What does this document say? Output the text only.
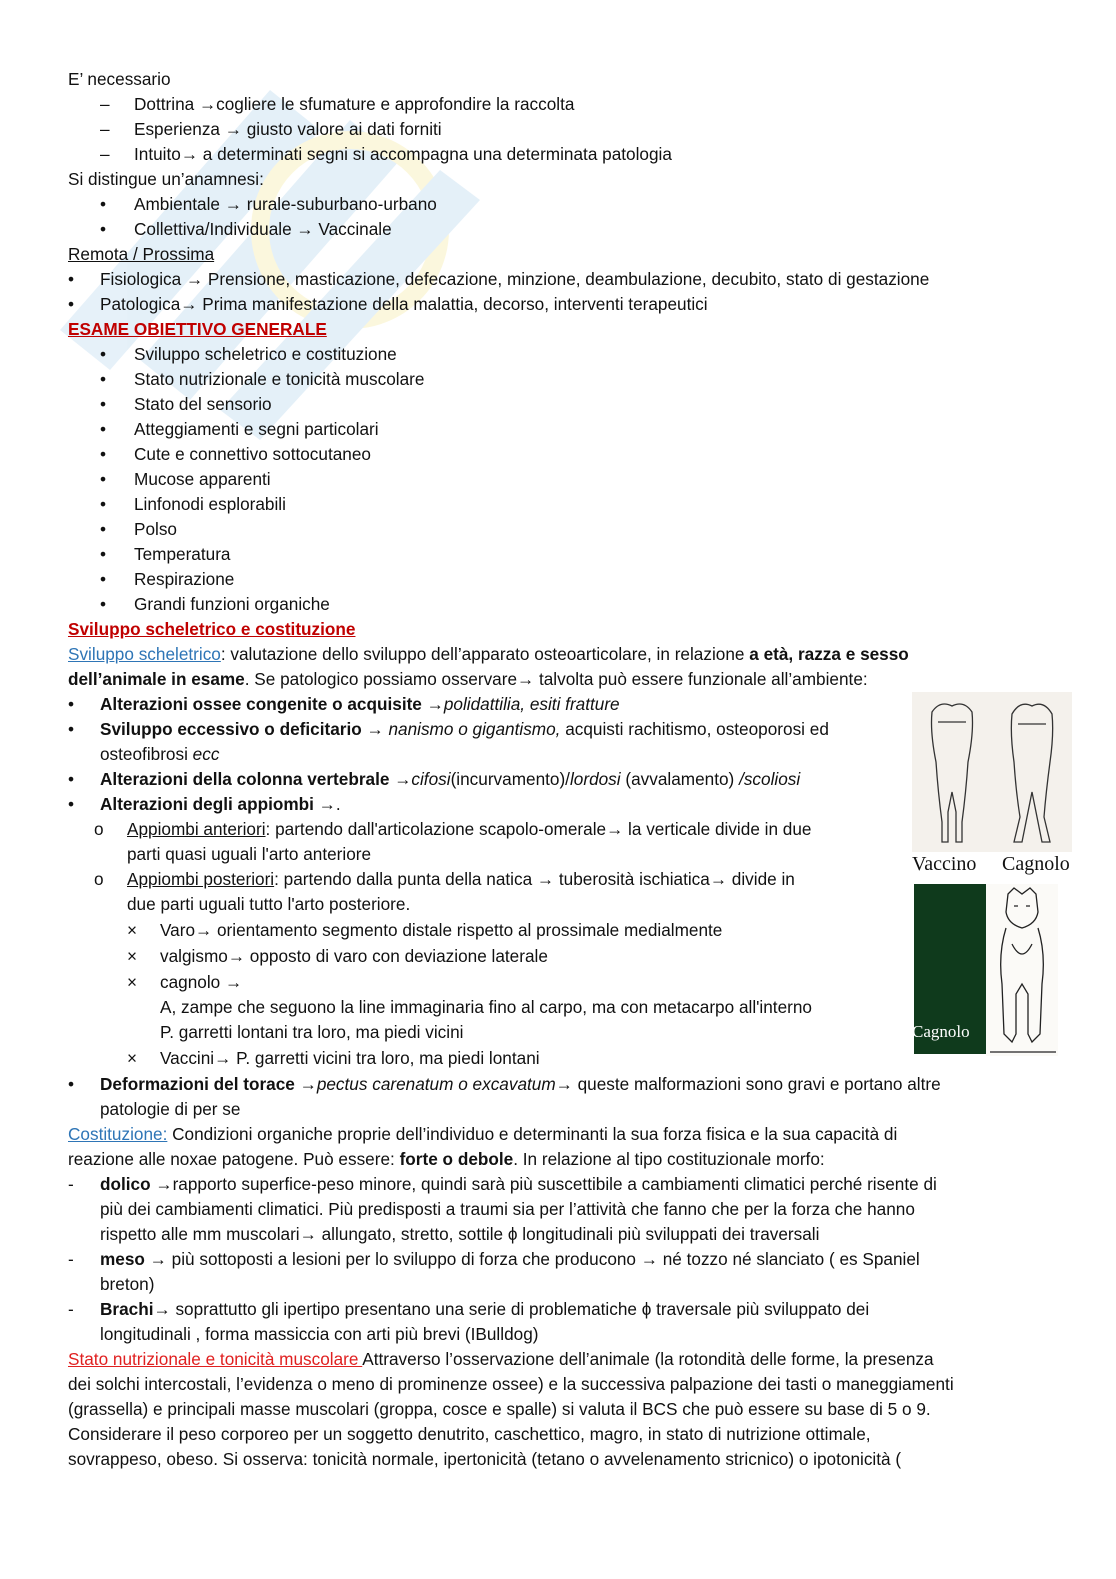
E’ necessario
– Dottrina →cogliere le sfumature e approfondire la raccolta
– Esperienza → giusto valore ai dati forniti
– Intuito→ a determinati segni si accompagna una determinata patologia
Si distingue un’anamnesi:
• Ambientale → rurale-suburbano-urbano
• Collettiva/Individuale → Vaccinale
Remota / Prossima
• Fisiologica → Prensione, masticazione, defecazione, minzione, deambulazione, decubito, stato di gestazione
• Patologica→ Prima manifestazione della malattia, decorso, interventi terapeutici
ESAME OBIETTIVO GENERALE
• Sviluppo scheletrico e costituzione
• Stato nutrizionale e tonicità muscolare
• Stato del sensorio
• Atteggiamenti e segni particolari
• Cute e connettivo sottocutaneo
• Mucose apparenti
• Linfonodi esplorabili
• Polso
• Temperatura
• Respirazione
• Grandi funzioni organiche
Sviluppo scheletrico e costituzione
Sviluppo scheletrico: valutazione dello sviluppo dell’apparato osteoarticolare, in relazione a età, razza e sesso
dell’animale in esame. Se patologico possiamo osservare→ talvolta può essere funzionale all’ambiente:
• Alterazioni ossee congenite o acquisite →polidattilia, esiti fratture
• Sviluppo eccessivo o deficitario → nanismo o gigantismo, acquisti rachitismo, osteoporosi ed
osteofibrosi ecc
• Alterazioni della colonna vertebrale →cifosi(incurvamento)/lordosi (avvalamento) /scoliosi
• Alterazioni degli appiombi →.
o Appiombi anteriori: partendo dall'articolazione scapolo-omerale→ la verticale divide in due
parti quasi uguali l'arto anteriore
o Appiombi posteriori: partendo dalla punta della natica → tuberosità ischiatica→ divide in
due parti uguali tutto l'arto posteriore.
× Varo→ orientamento segmento distale rispetto al prossimale medialmente
× valgismo→ opposto di varo con deviazione laterale
× cagnolo →
A, zampe che seguono la line immaginaria fino al carpo, ma con metacarpo all'interno
P. garretti lontani tra loro, ma piedi vicini
× Vaccini→ P. garretti vicini tra loro, ma piedi lontani
• Deformazioni del torace →pectus carenatum o excavatum→ queste malformazioni sono gravi e portano altre
patologie di per se
Costituzione: Condizioni organiche proprie dell’individuo e determinanti la sua forza fisica e la sua capacità di
reazione alle noxae patogene. Può essere: forte o debole. In relazione al tipo costituzionale morfo:
- dolico →rapporto superfice-peso minore, quindi sarà più suscettibile a cambiamenti climatici perché risente di
più dei cambiamenti climatici. Più predisposti a traumi sia per l’attività che fanno che per la forza che hanno
rispetto alle mm muscolari→ allungato, stretto, sottile ϕ longitudinali più sviluppati dei traversali
- meso → più sottoposti a lesioni per lo sviluppo di forza che producono → né tozzo né slanciato ( es Spaniel
breton)
- Brachi→ soprattutto gli ipertipo presentano una serie di problematiche ϕ traversale più sviluppato dei
longitudinali , forma massiccia con arti più brevi (IBulldog)
Stato nutrizionale e tonicità muscolare Attraverso l’osservazione dell’animale (la rotondità delle forme, la presenza
dei solchi intercostali, l’evidenza o meno di prominenze ossee) e la successiva palpazione dei tasti o maneggiamenti
(grassella) e principali masse muscolari (groppa, cosce e spalle) si valuta il BCS che può essere su base di 5 o 9.
Considerare il peso corporeo per un soggetto denutrito, caschettico, magro, in stato di nutrizione ottimale,
sovrappeso, obeso. Si osserva: tonicità normale, ipertonicità (tetano o avvelenamento stricnico) o ipotonicità (
Vaccino Cagnolo
Cagnolo
